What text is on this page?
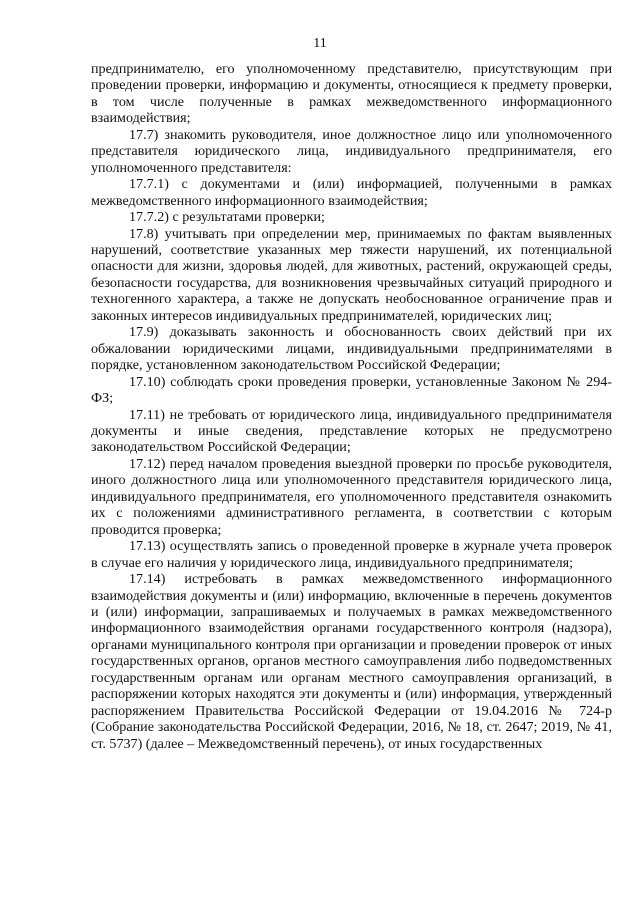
11

предпринимателю, его уполномоченному представителю, присутствующим при проведении проверки, информацию и документы, относящиеся к предмету проверки, в том числе полученные в рамках межведомственного информационного взаимодействия;

17.7) знакомить руководителя, иное должностное лицо или уполномоченного представителя юридического лица, индивидуального предпринимателя, его уполномоченного представителя:

17.7.1) с документами и (или) информацией, полученными в рамках межведомственного информационного взаимодействия;

17.7.2) с результатами проверки;

17.8) учитывать при определении мер, принимаемых по фактам выявленных нарушений, соответствие указанных мер тяжести нарушений, их потенциальной опасности для жизни, здоровья людей, для животных, растений, окружающей среды, безопасности государства, для возникновения чрезвычайных ситуаций природного и техногенного характера, а также не допускать необоснованное ограничение прав и законных интересов индивидуальных предпринимателей, юридических лиц;

17.9) доказывать законность и обоснованность своих действий при их обжаловании юридическими лицами, индивидуальными предпринимателями в порядке, установленном законодательством Российской Федерации;

17.10) соблюдать сроки проведения проверки, установленные Законом № 294-ФЗ;

17.11) не требовать от юридического лица, индивидуального предпринимателя документы и иные сведения, представление которых не предусмотрено законодательством Российской Федерации;

17.12) перед началом проведения выездной проверки по просьбе руководителя, иного должностного лица или уполномоченного представителя юридического лица, индивидуального предпринимателя, его уполномоченного представителя ознакомить их с положениями административного регламента, в соответствии с которым проводится проверка;

17.13) осуществлять запись о проведенной проверке в журнале учета проверок в случае его наличия у юридического лица, индивидуального предпринимателя;

17.14) истребовать в рамках межведомственного информационного взаимодействия документы и (или) информацию, включенные в перечень документов и (или) информации, запрашиваемых и получаемых в рамках межведомственного информационного взаимодействия органами государственного контроля (надзора), органами муниципального контроля при организации и проведении проверок от иных государственных органов, органов местного самоуправления либо подведомственных государственным органам или органам местного самоуправления организаций, в распоряжении которых находятся эти документы и (или) информация, утвержденный распоряжением Правительства Российской Федерации от 19.04.2016 № 724-р (Собрание законодательства Российской Федерации, 2016, № 18, ст. 2647; 2019, № 41, ст. 5737) (далее – Межведомственный перечень), от иных государственных
